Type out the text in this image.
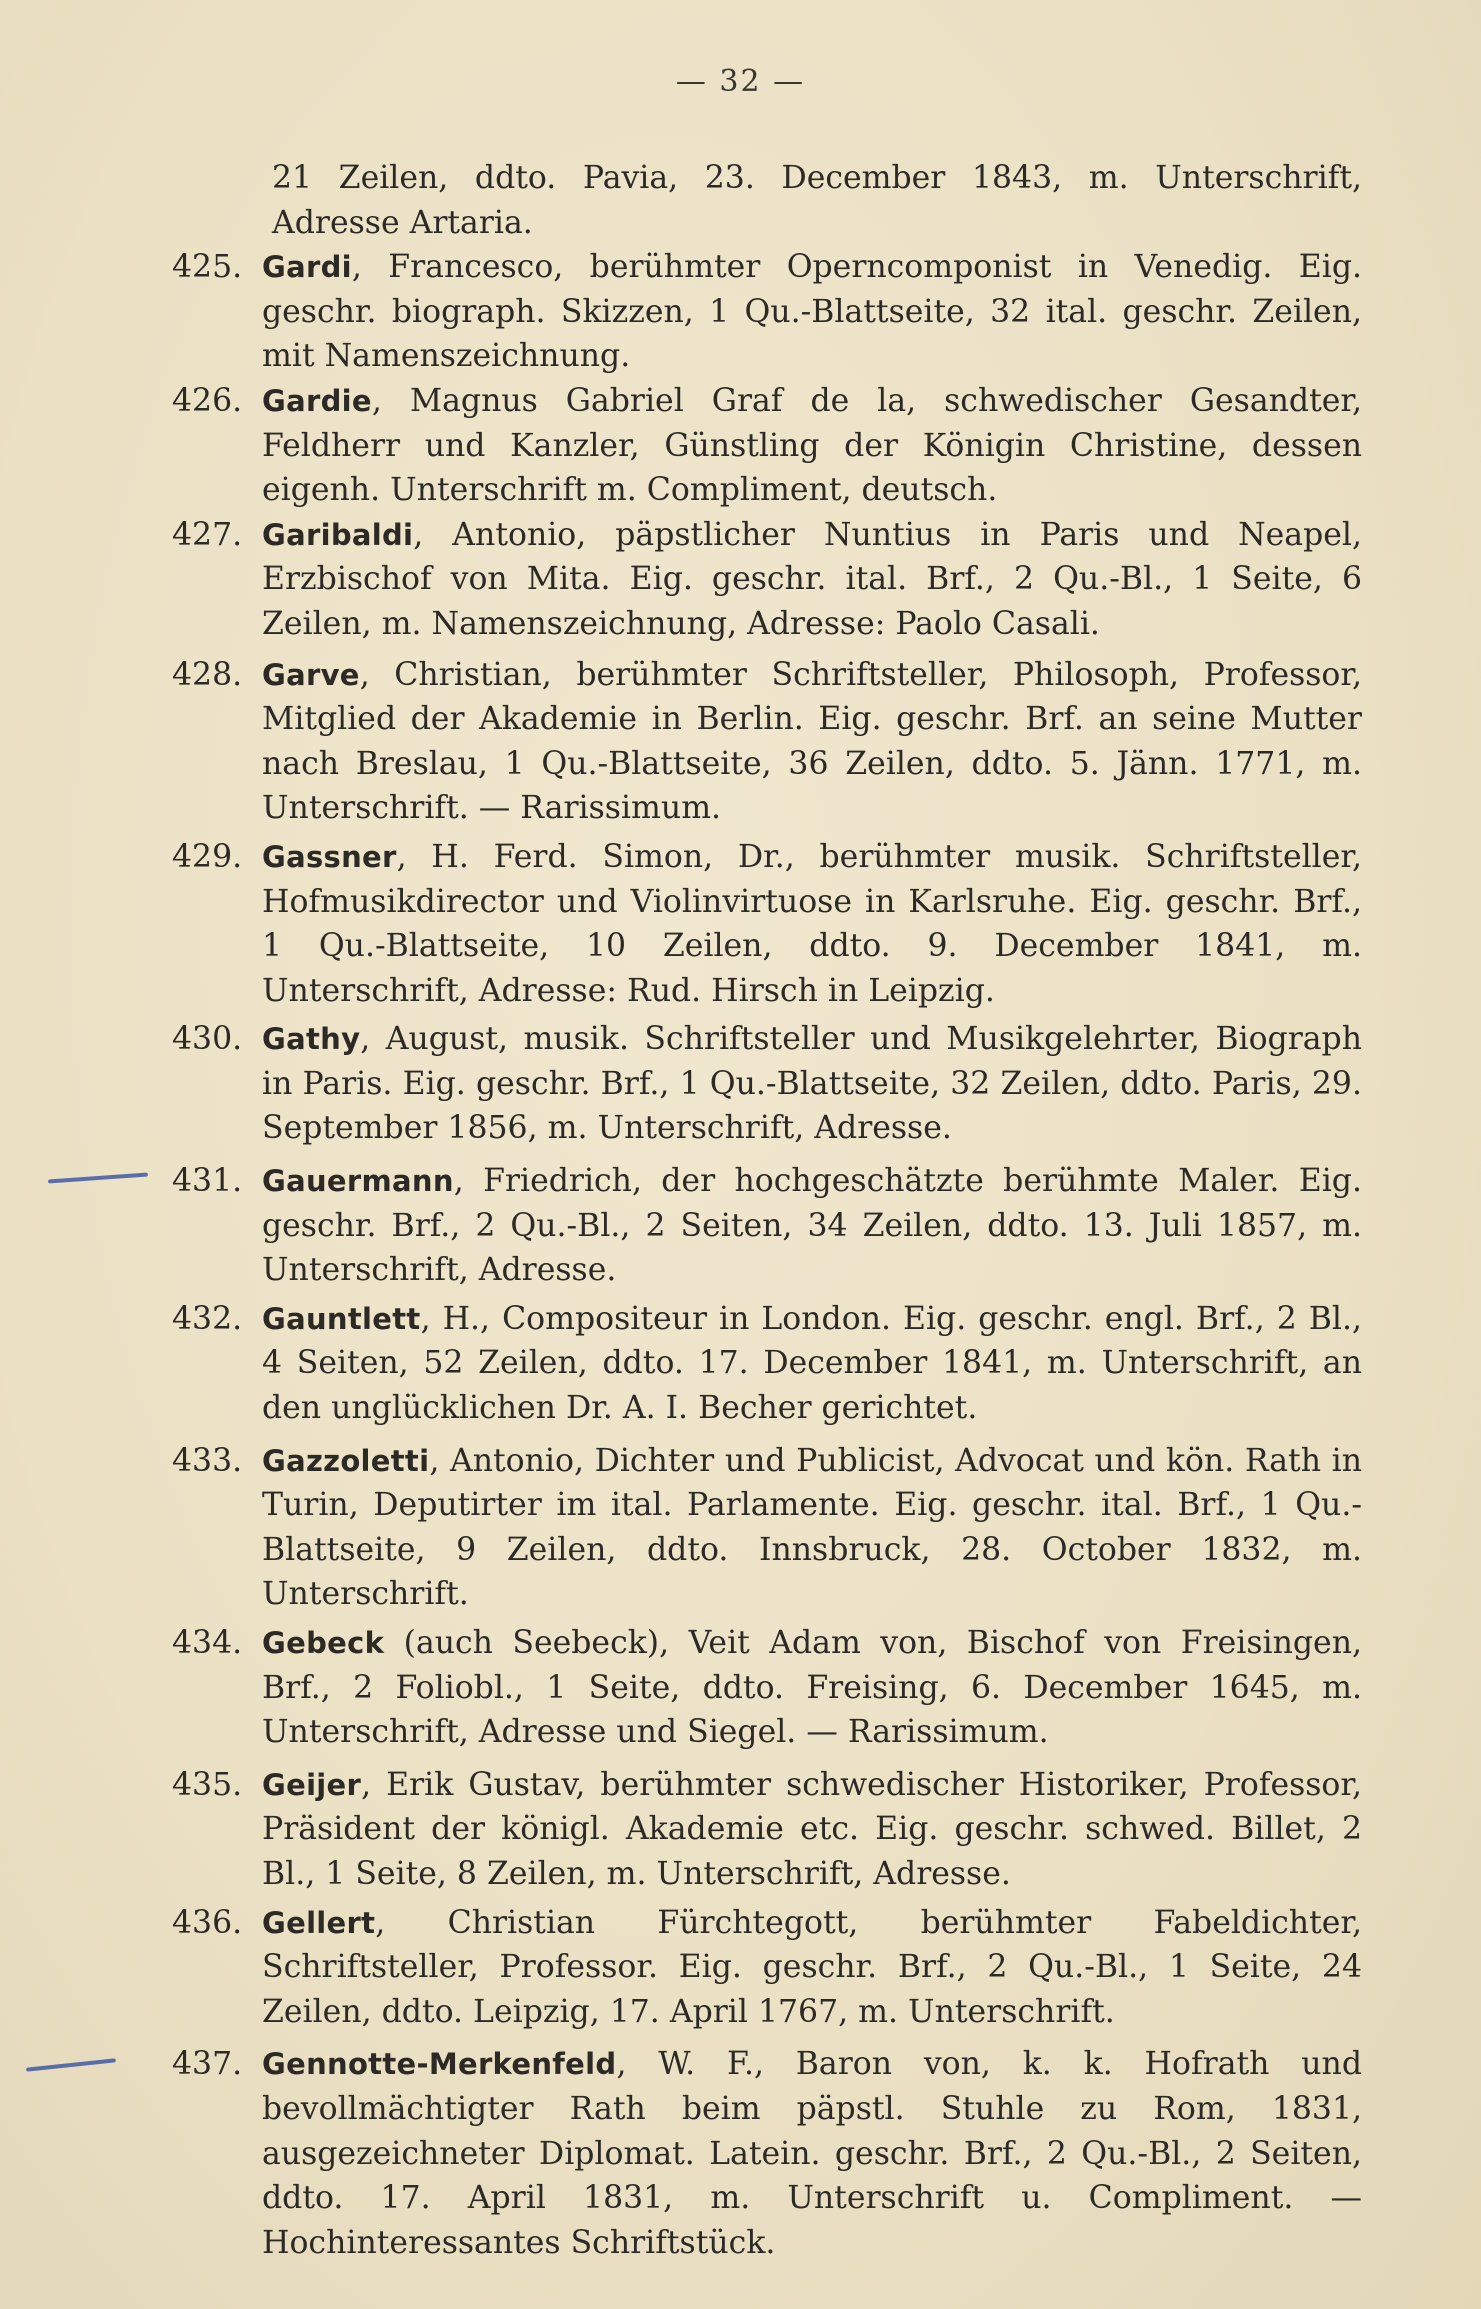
— 32 —
21 Zeilen, ddto. Pavia, 23. December 1843, m. Unterschrift, Adresse Artaria.
425. Gardi, Francesco, berühmter Operncomponist in Venedig. Eig. geschr. biograph. Skizzen, 1 Qu.-Blattseite, 32 ital. geschr. Zeilen, mit Namenszeichnung.
426. Gardie, Magnus Gabriel Graf de la, schwedischer Gesandter, Feldherr und Kanzler, Günstling der Königin Christine, dessen eigenh. Unterschrift m. Compliment, deutsch.
427. Garibaldi, Antonio, päpstlicher Nuntius in Paris und Neapel, Erzbischof von Mita. Eig. geschr. ital. Brf., 2 Qu.-Bl., 1 Seite, 6 Zeilen, m. Namenszeichnung, Adresse: Paolo Casali.
428. Garve, Christian, berühmter Schriftsteller, Philosoph, Professor, Mitglied der Akademie in Berlin. Eig. geschr. Brf. an seine Mutter nach Breslau, 1 Qu.-Blattseite, 36 Zeilen, ddto. 5. Jänn. 1771, m. Unterschrift. — Rarissimum.
429. Gassner, H. Ferd. Simon, Dr., berühmter musik. Schriftsteller, Hofmusikdirector und Violinvirtuose in Karlsruhe. Eig. geschr. Brf., 1 Qu.-Blattseite, 10 Zeilen, ddto. 9. December 1841, m. Unterschrift, Adresse: Rud. Hirsch in Leipzig.
430. Gathy, August, musik. Schriftsteller und Musikgelehrter, Biograph in Paris. Eig. geschr. Brf., 1 Qu.-Blattseite, 32 Zeilen, ddto. Paris, 29. September 1856, m. Unterschrift, Adresse.
431. Gauermann, Friedrich, der hochgeschätzte berühmte Maler. Eig. geschr. Brf., 2 Qu.-Bl., 2 Seiten, 34 Zeilen, ddto. 13. Juli 1857, m. Unterschrift, Adresse.
432. Gauntlett, H., Compositeur in London. Eig. geschr. engl. Brf., 2 Bl., 4 Seiten, 52 Zeilen, ddto. 17. December 1841, m. Unterschrift, an den unglücklichen Dr. A. I. Becher gerichtet.
433. Gazzoletti, Antonio, Dichter und Publicist, Advocat und kön. Rath in Turin, Deputirter im ital. Parlamente. Eig. geschr. ital. Brf., 1 Qu.-Blattseite, 9 Zeilen, ddto. Innsbruck, 28. October 1832, m. Unterschrift.
434. Gebeck (auch Seebeck), Veit Adam von, Bischof von Freisingen, Brf., 2 Foliobl., 1 Seite, ddto. Freising, 6. December 1645, m. Unterschrift, Adresse und Siegel. — Rarissimum.
435. Geijer, Erik Gustav, berühmter schwedischer Historiker, Professor, Präsident der königl. Akademie etc. Eig. geschr. schwed. Billet, 2 Bl., 1 Seite, 8 Zeilen, m. Unterschrift, Adresse.
436. Gellert, Christian Fürchtegott, berühmter Fabeldichter, Schriftsteller, Professor. Eig. geschr. Brf., 2 Qu.-Bl., 1 Seite, 24 Zeilen, ddto. Leipzig, 17. April 1767, m. Unterschrift.
437. Gennotte-Merkenfeld, W. F., Baron von, k. k. Hofrath und bevollmächtigter Rath beim päpstl. Stuhle zu Rom, 1831, ausgezeichneter Diplomat. Latein. geschr. Brf., 2 Qu.-Bl., 2 Seiten, ddto. 17. April 1831, m. Unterschrift u. Compliment. — Hochinteressantes Schriftstück.
